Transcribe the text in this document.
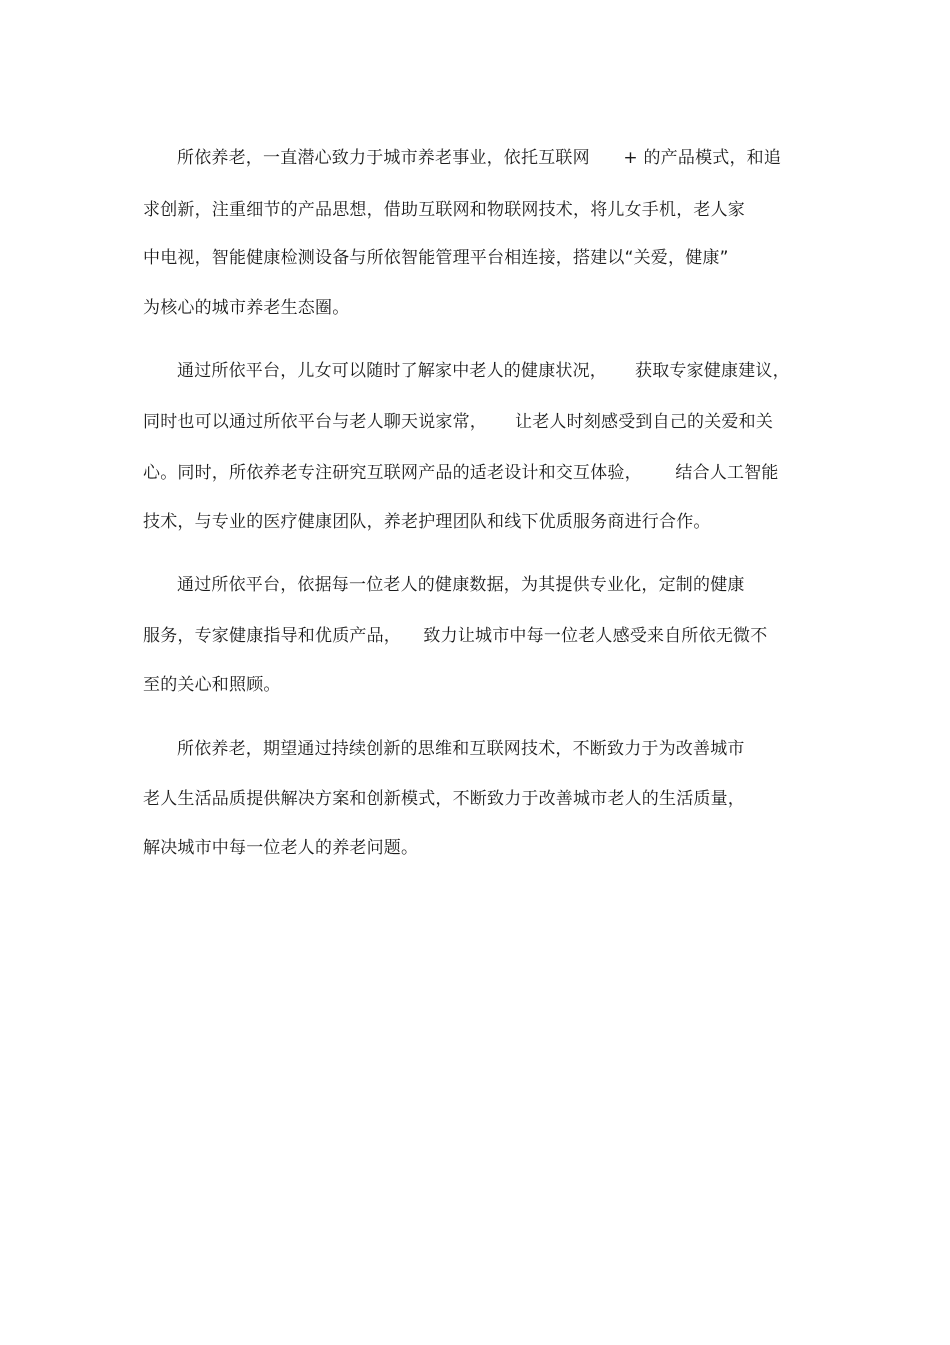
所依养老，一直潜心致力于城市养老事业，依托互联网      + 的产品模式，和追
求创新，注重细节的产品思想，借助互联网和物联网技术，将儿女手机，老人家
中电视，智能健康检测设备与所依智能管理平台相连接，搭建以“关爱，健康”
为核心的城市养老生态圈。
通过所依平台，儿女可以随时了解家中老人的健康状况，     获取专家健康建议，
同时也可以通过所依平台与老人聊天说家常，     让老人时刻感受到自己的关爱和关
心。同时，所依养老专注研究互联网产品的适老设计和交互体验，      结合人工智能
技术，与专业的医疗健康团队，养老护理团队和线下优质服务商进行合作。
通过所依平台，依据每一位老人的健康数据，为其提供专业化，定制的健康
服务，专家健康指导和优质产品，    致力让城市中每一位老人感受来自所依无微不
至的关心和照顾。
所依养老，期望通过持续创新的思维和互联网技术，不断致力于为改善城市
老人生活品质提供解决方案和创新模式，不断致力于改善城市老人的生活质量，
解决城市中每一位老人的养老问题。
